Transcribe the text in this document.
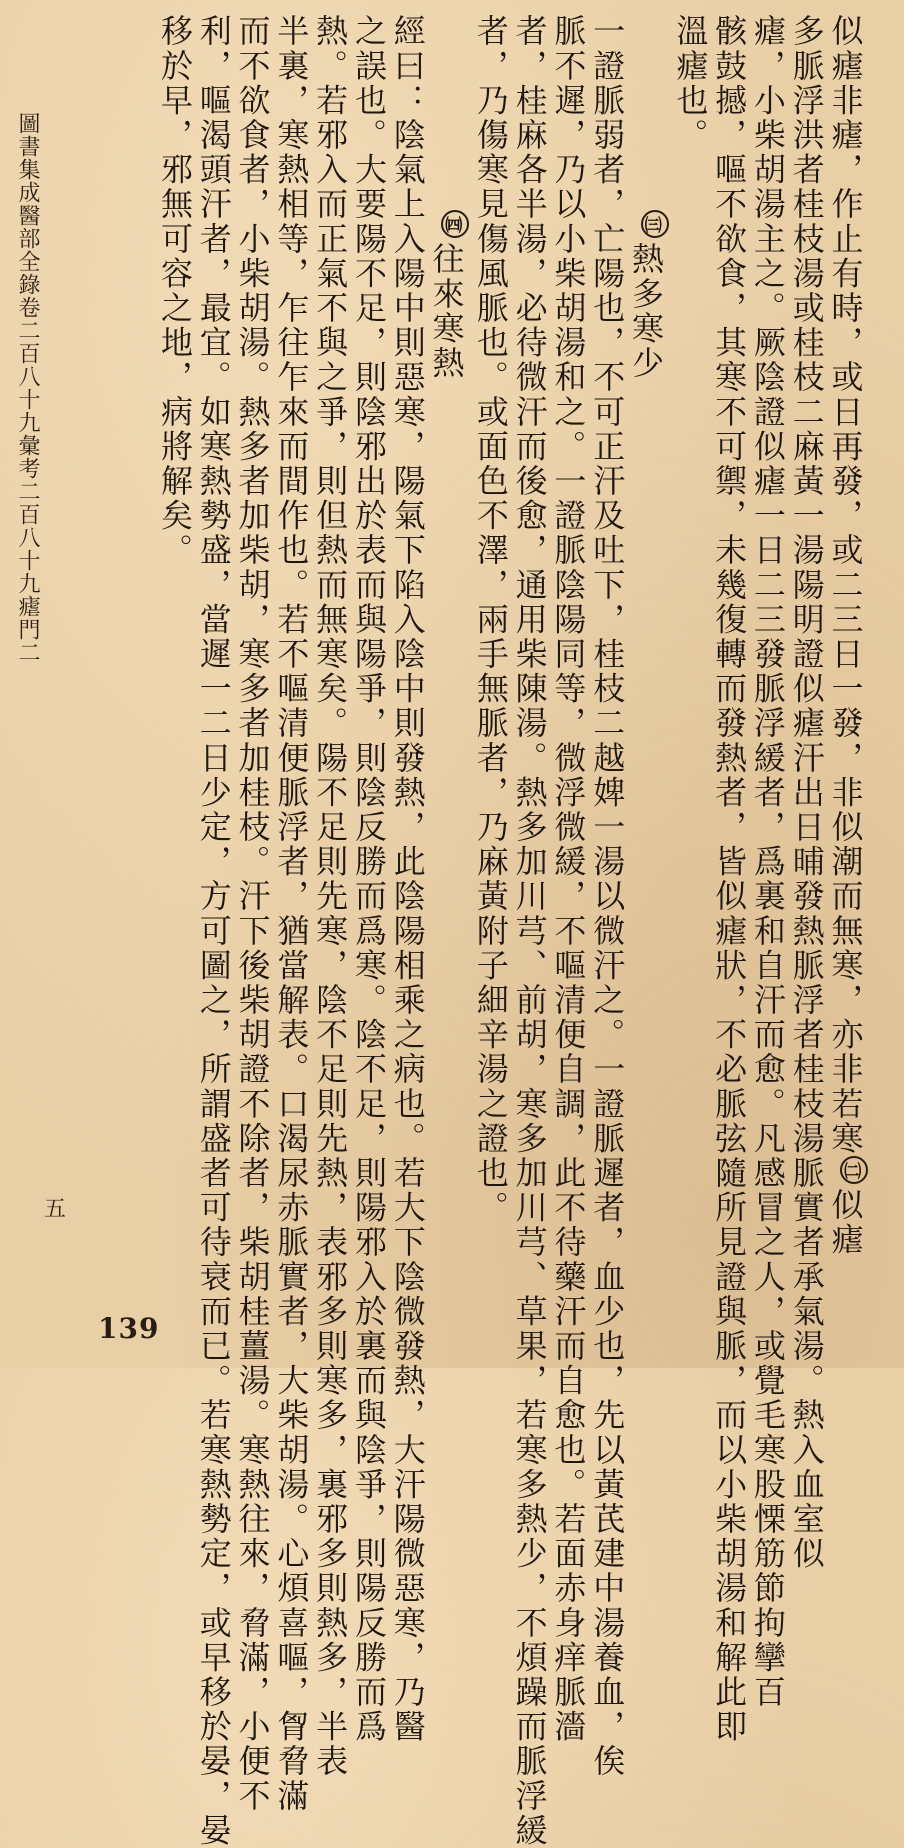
似瘧非瘧，作止有時，或日再發，或二三日一發，非似潮而無寒，亦非若寒㈡似瘧
多脈浮洪者桂枝湯或桂枝二麻黃一湯陽明證似瘧汗出日晡發熱脈浮者桂枝湯脈實者承氣湯。熱入血室似
瘧，小柴胡湯主之。厥陰證似瘧一日二三發脈浮緩者，爲裏和自汗而愈。凡感冒之人，或覺毛寒股慄筋節拘攣百
骸鼓撼，嘔不欲食，其寒不可禦，未幾復轉而發熱者，皆似瘧狀，不必脈弦隨所見證與脈，而以小柴胡湯和解此即
溫瘧也。
㈢熱多寒少
一證脈弱者，亡陽也，不可正汗及吐下，桂枝二越婢一湯以微汗之。一證脈遲者，血少也，先以黃芪建中湯養血，俟
脈不遲，乃以小柴胡湯和之。一證脈陰陽同等，微浮微緩，不嘔清便自調，此不待藥汗而自愈也。若面赤身痒脈濇
者，桂麻各半湯，必待微汗而後愈，通用柴陳湯。熱多加川芎、前胡，寒多加川芎、草果，若寒多熱少，不煩躁而脈浮緩
者，乃傷寒見傷風脈也。或面色不澤，兩手無脈者，乃麻黃附子細辛湯之證也。
㈣往來寒熱
經曰：陰氣上入陽中則惡寒，陽氣下陷入陰中則發熱，此陰陽相乘之病也。若大下陰微發熱，大汗陽微惡寒，乃醫
之誤也。大要陽不足，則陰邪出於表而與陽爭，則陰反勝而爲寒。陰不足，則陽邪入於裏而與陰爭，則陽反勝而爲
熱。若邪入而正氣不與之爭，則但熱而無寒矣。陽不足則先寒，陰不足則先熱，表邪多則寒多，裏邪多則熱多，半表
半裏，寒熱相等，乍往乍來而間作也。若不嘔清便脈浮者，猶當解表。口渴尿赤脈實者，大柴胡湯。心煩喜嘔，胷脅滿
而不欲食者，小柴胡湯。熱多者加柴胡，寒多者加桂枝。汗下後柴胡證不除者，柴胡桂薑湯。寒熱往來，脅滿，小便不
利，嘔渴頭汗者，最宜。如寒熱勢盛，當遲一二日少定，方可圖之，所謂盛者可待衰而已。若寒熱勢定，或早移於晏，晏
移於早，邪無可容之地，病將解矣。
圖書集成醫部全錄卷二百八十九彙考二百八十九瘧門二
五
139
